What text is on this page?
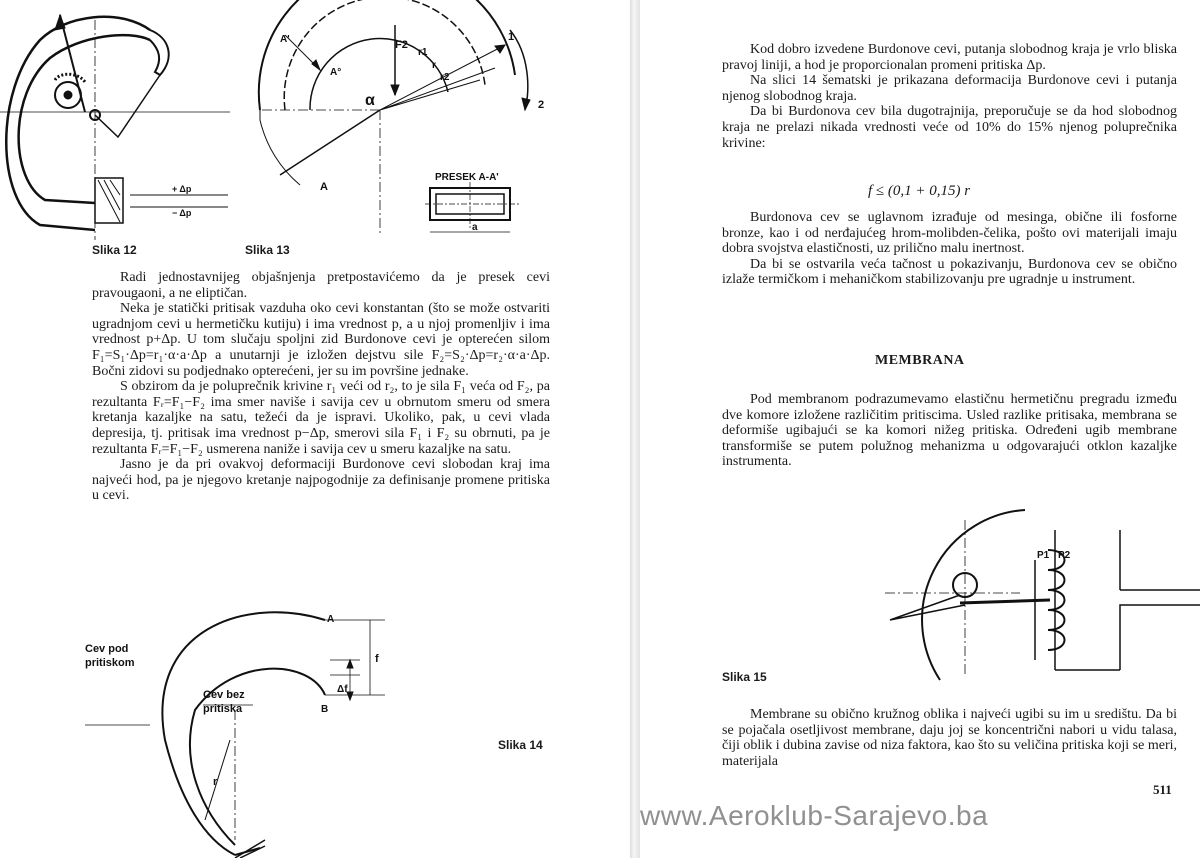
+ Δp
− Δp
Slika 12
F2
r1
r
r2
α
A
A'
A°
1
2
PRESEK A-A'
a
Slika 13

Radi jednostavnijeg objašnjenja pretpostavićemo da je presek cevi pravougaoni, a ne eliptičan.

Neka je statički pritisak vazduha oko cevi konstantan (što se može ostvariti ugradnjom cevi u hermetičku kutiju) i ima vrednost p, a u njoj promenljiv i ima vrednost p+Δp. U tom slučaju spoljni zid Burdonove cevi je opterećen silom F₁=S₁·Δp=r₁·α·a·Δp a unutarnji je izložen dejstvu sile F₂=S₂·Δp=r₂·α·a·Δp. Bočni zidovi su podjednako opterećeni, jer su im površine jednake.

S obzirom da je poluprečnik krivine r₁ veći od r₂, to je sila F₁ veća od F₂, pa rezultanta Fᵣ=F₁−F₂ ima smer naviše i savija cev u obrnutom smeru od smera kretanja kazaljke na satu, težeći da je ispravi. Ukoliko, pak, u cevi vlada depresija, tj. pritisak ima vrednost p−Δp, smerovi sila F₁ i F₂ su obrnuti, pa je rezultanta Fᵣ=F₁−F₂ usmerena naniže i savija cev u smeru kazaljke na satu.

Jasno je da pri ovakvoj deformaciji Burdonove cevi slobodan kraj ima najveći hod, pa je njegovo kretanje najpogodnije za definisanje promene pritiska u cevi.

Cev pod
pritiskom
Cev bez
pritiska
A
B
f
Δf
r
Slika 14

Kod dobro izvedene Burdonove cevi, putanja slobodnog kraja je vrlo bliska pravoj liniji, a hod je proporcionalan promeni pritiska Δp.

Na slici 14 šematski je prikazana deformacija Burdonove cevi i putanja njenog slobodnog kraja.

Da bi Burdonova cev bila dugotrajnija, preporučuje se da hod slobodnog kraja ne prelazi nikada vrednosti veće od 10% do 15% njenog poluprečnika krivine:

f ≤ (0,1 + 0,15) r

Burdonova cev se uglavnom izrađuje od mesinga, obične ili fosforne bronze, kao i od nerđajućeg hrom-molibden-čelika, pošto ovi materijali imaju dobra svojstva elastičnosti, uz prilično malu inertnost.

Da bi se ostvarila veća tačnost u pokazivanju, Burdonova cev se obično izlaže termičkom i mehaničkom stabilizovanju pre ugradnje u instrument.

MEMBRANA

Pod membranom podrazumevamo elastičnu hermetičnu pregradu između dve komore izložene različitim pritiscima. Usled razlike pritisaka, membrana se deformiše ugibajući se ka komori nižeg pritiska. Određeni ugib membrane transformiše se putem polužnog mehanizma u odgovarajući otklon kazaljke instrumenta.

P1 P2
Slika 15

Membrane su obično kružnog oblika i najveći ugibi su im u središtu. Da bi se pojačala osetljivost membrane, daju joj se koncentrični nabori u vidu talasa, čiji oblik i dubina zavise od niza faktora, kao što su veličina pritiska koji se meri, materijala

511
www.Aeroklub-Sarajevo.ba
